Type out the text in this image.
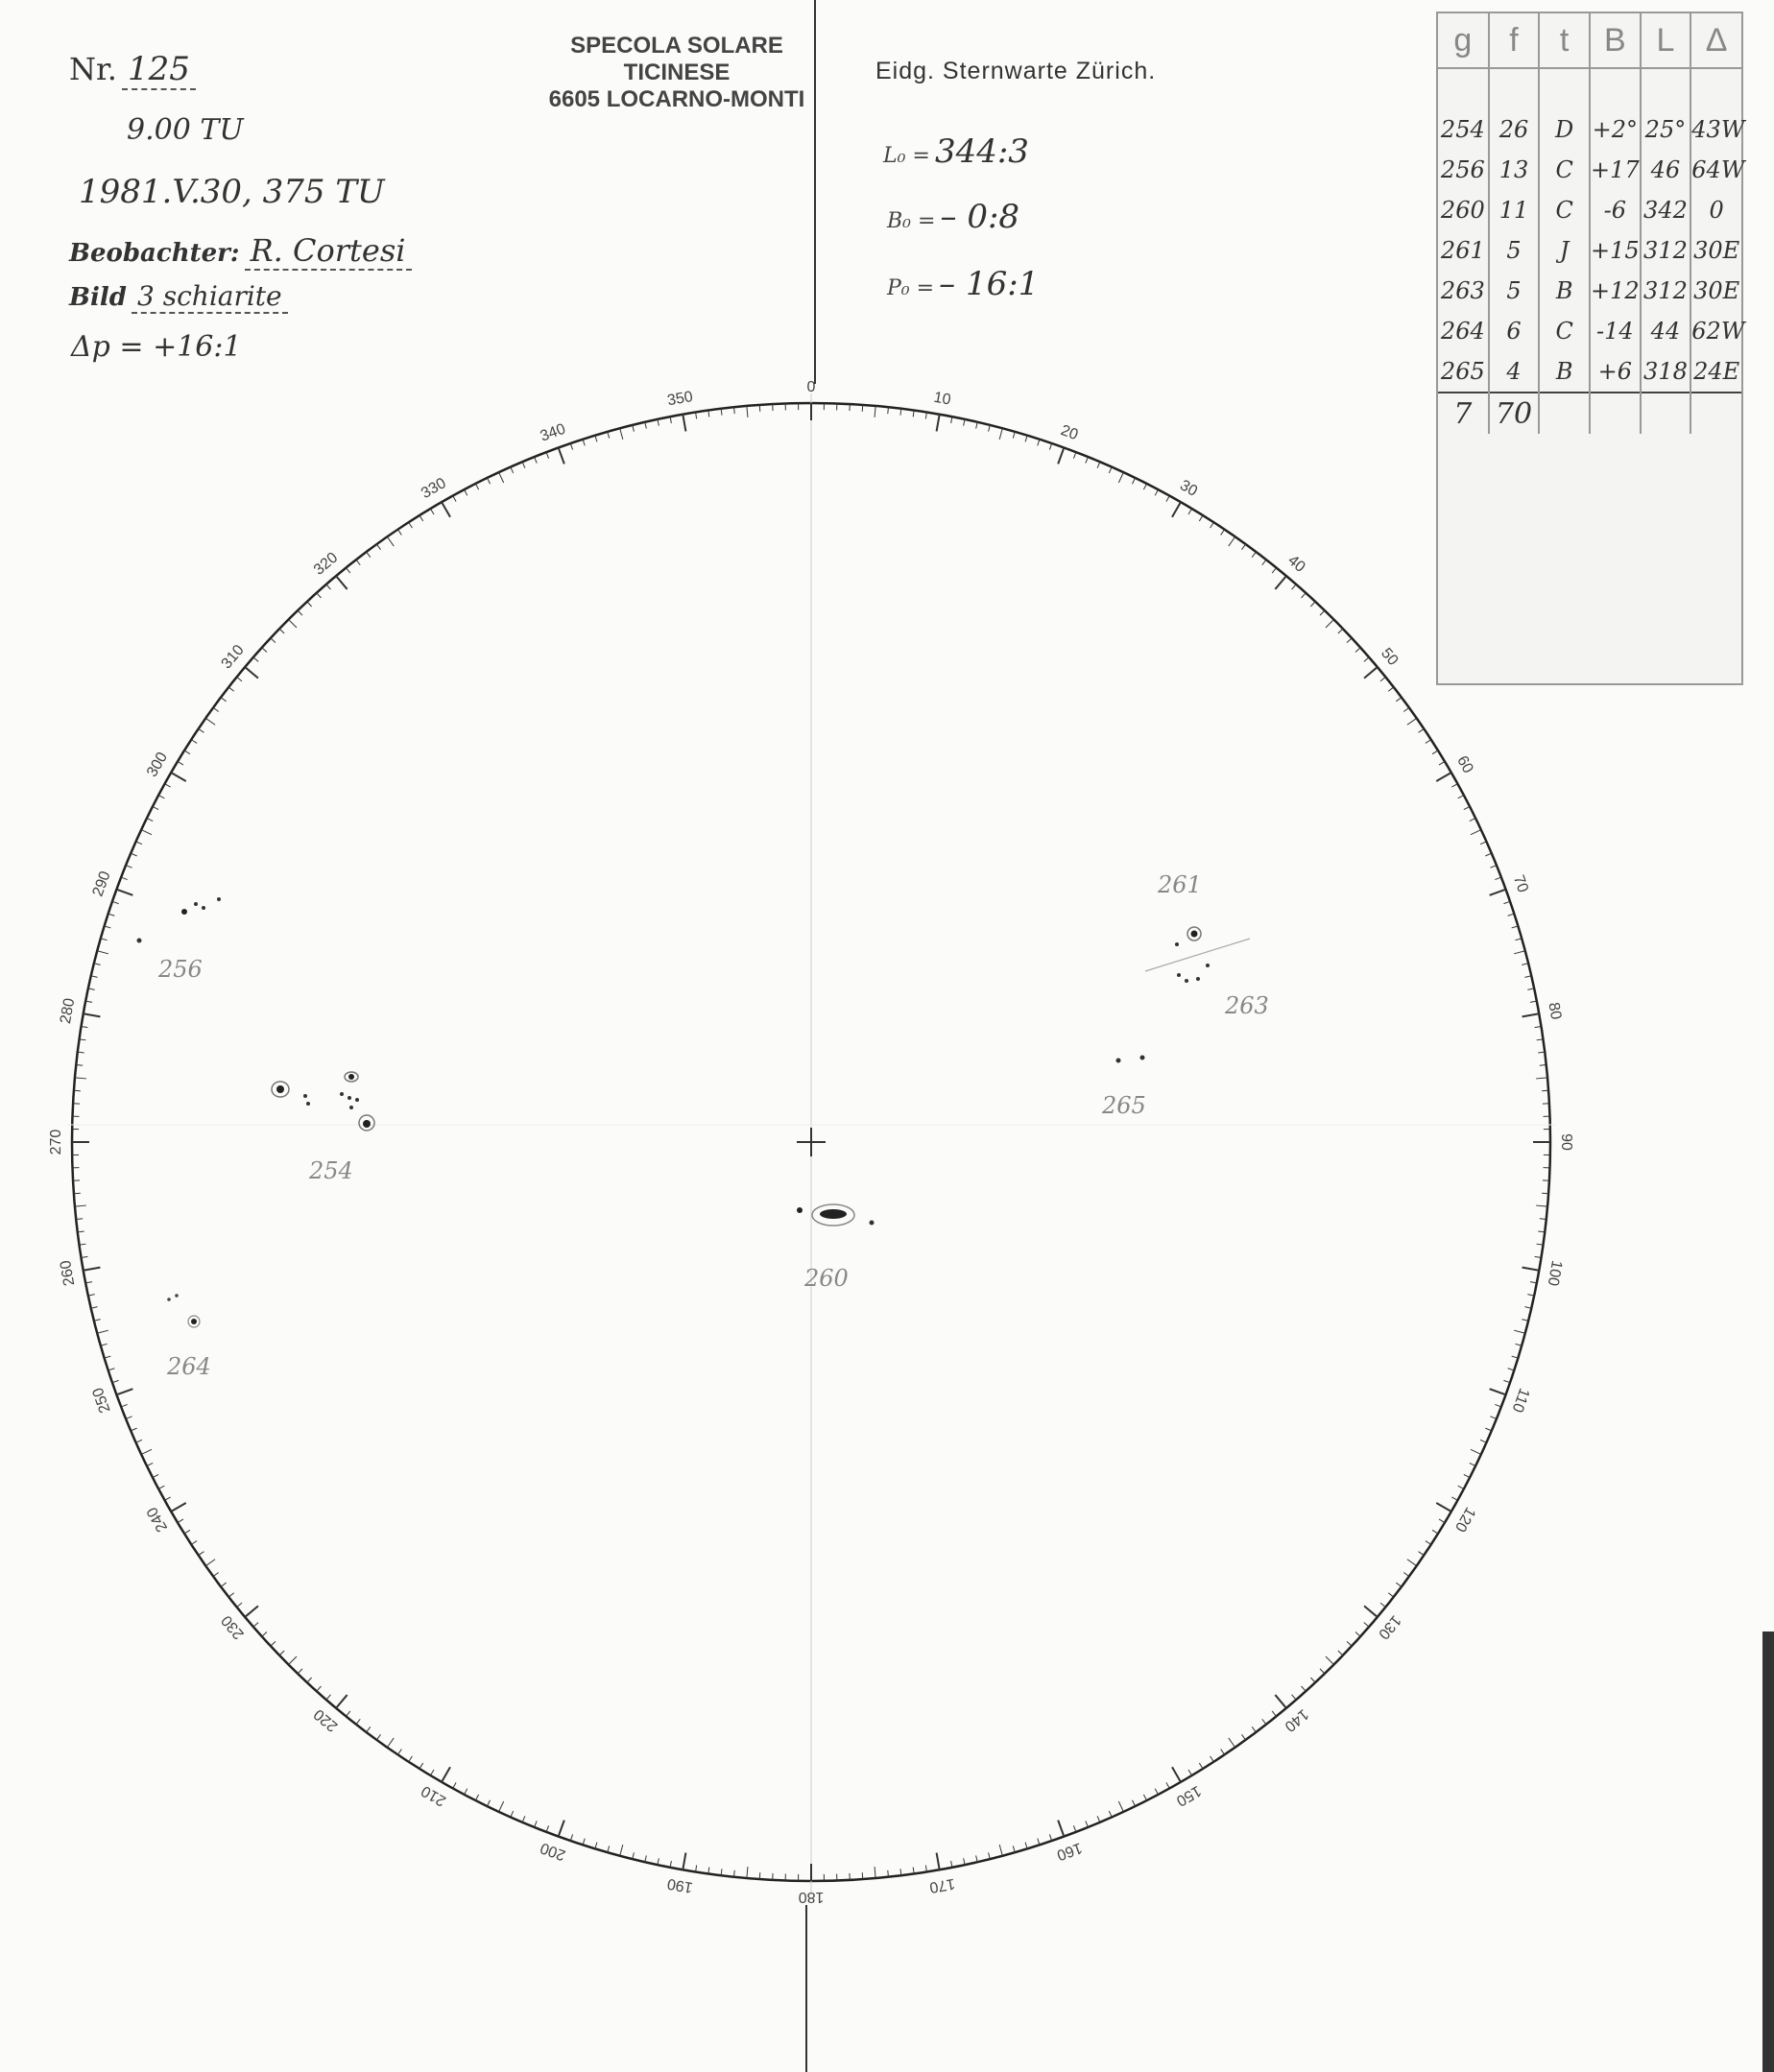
Nr. 125
9.00 TU
1981.V.30, 375 TU
Beobachter: R. Cortesi
Bild 3 schiarite
Δp = +16:1
SPECOLA SOLARE
TICINESE
6605 LOCARNO-MONTI
Eidg. Sternwarte Zürich.
L₀ = 344:3
B₀ = – 0:8
P₀ = – 16:1
g	f	t	B	L	Δ

254	26	D	+2°	25°	43W
256	13	C	+17	46	64W
260	11	C	-6	342	0
261	5	J	+15	312	30E
263	5	B	+12	312	30E
264	6	C	-14	44	62W
265	4	B	+6	318	24E
7	70				
0
10
20
30
40
50
60
70
80
90
100
110
120
130
140
150
160
170
180
190
200
210
220
230
240
250
260
270
280
290
300
310
320
330
340
350
254
256
260
261
263
264
265
